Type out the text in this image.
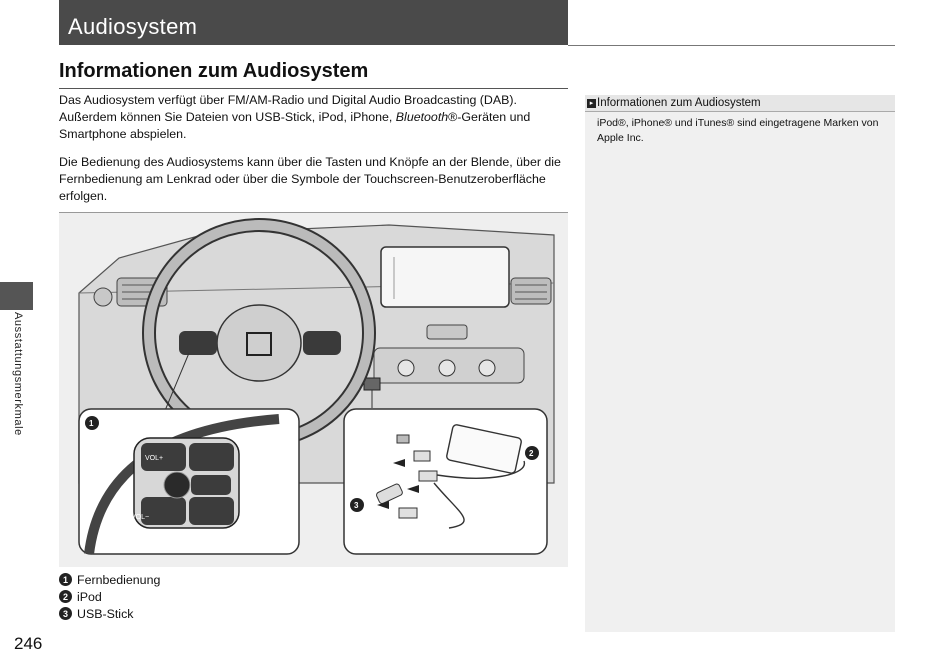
Audiosystem
Ausstattungsmerkmale
Informationen zum Audiosystem
Das Audiosystem verfügt über FM/AM-Radio und Digital Audio Broadcasting (DAB). Außerdem können Sie Dateien von USB-Stick, iPod, iPhone, Bluetooth®-Geräten und Smartphone abspielen.
Die Bedienung des Audiosystems kann über die Tasten und Knöpfe an der Blende, über die Fernbedienung am Lenkrad oder über die Symbole der Touchscreen-Benutzeroberfläche erfolgen.
VOL+
VOL−
1
2
3
1 Fernbedienung
2 iPod
3 USB-Stick
246
▸ Informationen zum Audiosystem
iPod®, iPhone® und iTunes® sind eingetragene Marken von Apple Inc.
